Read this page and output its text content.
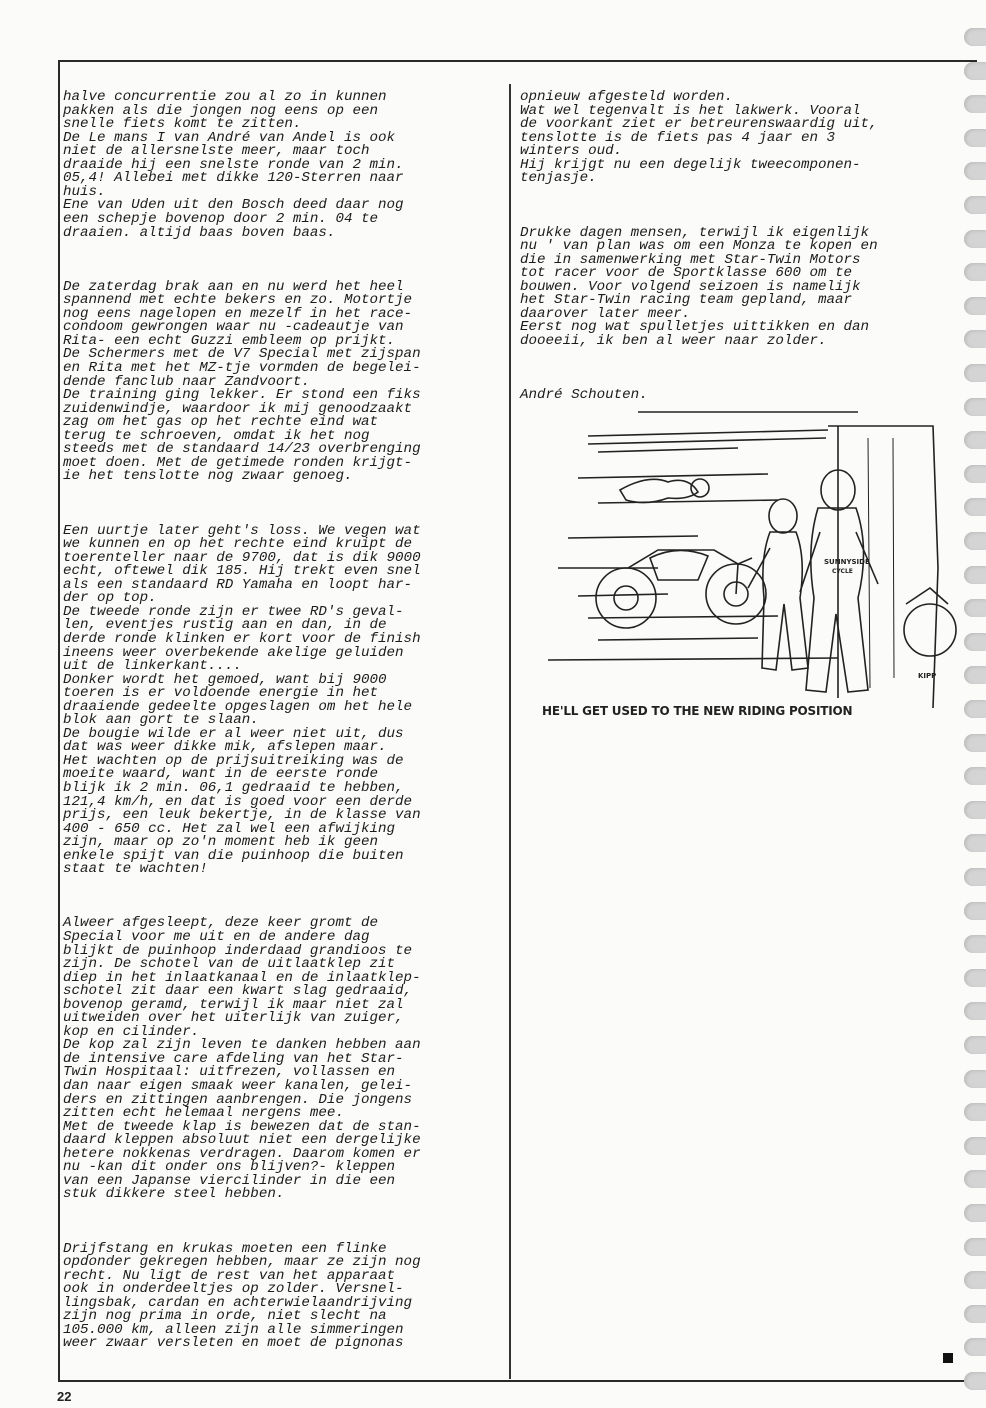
halve concurrentie zou al zo in kunnen
pakken als die jongen nog eens op een
snelle fiets komt te zitten.
De Le mans I van André van Andel is ook
niet de allersnelste meer, maar toch
draaide hij een snelste ronde van 2 min.
05,4! Allebei met dikke 120-Sterren naar
huis.
Ene van Uden uit den Bosch deed daar nog
een schepje bovenop door 2 min. 04 te
draaien. altijd baas boven baas.

De zaterdag brak aan en nu werd het heel
spannend met echte bekers en zo. Motortje
nog eens nagelopen en mezelf in het race-
condoom gewrongen waar nu -cadeautje van
Rita- een echt Guzzi embleem op prijkt.
De Schermers met de V7 Special met zijspan
en Rita met het MZ-tje vormden de begelei-
dende fanclub naar Zandvoort.
De training ging lekker. Er stond een fiks
zuidenwindje, waardoor ik mij genoodzaakt
zag om het gas op het rechte eind wat
terug te schroeven, omdat ik het nog
steeds met de standaard 14/23 overbrenging
moet doen. Met de getimede ronden krijgt-
ie het tenslotte nog zwaar genoeg.

Een uurtje later geht's loss. We vegen wat
we kunnen en op het rechte eind kruipt de
toerenteller naar de 9700, dat is dik 9000
echt, oftewel dik 185. Hij trekt even snel
als een standaard RD Yamaha en loopt har-
der op top.
De tweede ronde zijn er twee RD's geval-
len, eventjes rustig aan en dan, in de
derde ronde klinken er kort voor de finish
ineens weer overbekende akelige geluiden
uit de linkerkant....
Donker wordt het gemoed, want bij 9000
toeren is er voldoende energie in het
draaiende gedeelte opgeslagen om het hele
blok aan gort te slaan.
De bougie wilde er al weer niet uit, dus
dat was weer dikke mik, afslepen maar.
Het wachten op de prijsuitreiking was de
moeite waard, want in de eerste ronde
blijk ik 2 min. 06,1 gedraaid te hebben,
121,4 km/h, en dat is goed voor een derde
prijs, een leuk bekertje, in de klasse van
400 - 650 cc. Het zal wel een afwijking
zijn, maar op zo'n moment heb ik geen
enkele spijt van die puinhoop die buiten
staat te wachten!

Alweer afgesleept, deze keer gromt de
Special voor me uit en de andere dag
blijkt de puinhoop inderdaad grandioos te
zijn. De schotel van de uitlaatklep zit
diep in het inlaatkanaal en de inlaatklep-
schotel zit daar een kwart slag gedraaid,
bovenop geramd, terwijl ik maar niet zal
uitweiden over het uiterlijk van zuiger,
kop en cilinder.
De kop zal zijn leven te danken hebben aan
de intensive care afdeling van het Star-
Twin Hospitaal: uitfrezen, vollassen en
dan naar eigen smaak weer kanalen, gelei-
ders en zittingen aanbrengen. Die jongens
zitten echt helemaal nergens mee.
Met de tweede klap is bewezen dat de stan-
daard kleppen absoluut niet een dergelijke
hetere nokkenas verdragen. Daarom komen er
nu -kan dit onder ons blijven?- kleppen
van een Japanse viercilinder in die een
stuk dikkere steel hebben.

Drijfstang en krukas moeten een flinke
opdonder gekregen hebben, maar ze zijn nog
recht. Nu ligt de rest van het apparaat
ook in onderdeeltjes op zolder. Versnel-
lingsbak, cardan en achterwielaandrijving
zijn nog prima in orde, niet slecht na
105.000 km, alleen zijn alle simmeringen
weer zwaar versleten en moet de pignonas

opnieuw afgesteld worden.
Wat wel tegenvalt is het lakwerk. Vooral
de voorkant ziet er betreurenswaardig uit,
tenslotte is de fiets pas 4 jaar en 3
winters oud.
Hij krijgt nu een degelijk tweecomponen-
tenjasje.

Drukke dagen mensen, terwijl ik eigenlijk
nu ' van plan was om een Monza te kopen en
die in samenwerking met Star-Twin Motors
tot racer voor de Sportklasse 600 om te
bouwen. Voor volgend seizoen is namelijk
het Star-Twin racing team gepland, maar
daarover later meer.
Eerst nog wat spulletjes uittikken en dan
dooeeii, ik ben al weer naar zolder.

André Schouten.

SUNNYSIDE
CYCLE
KIPP
HE'LL GET USED TO THE NEW RIDING POSITION
22
